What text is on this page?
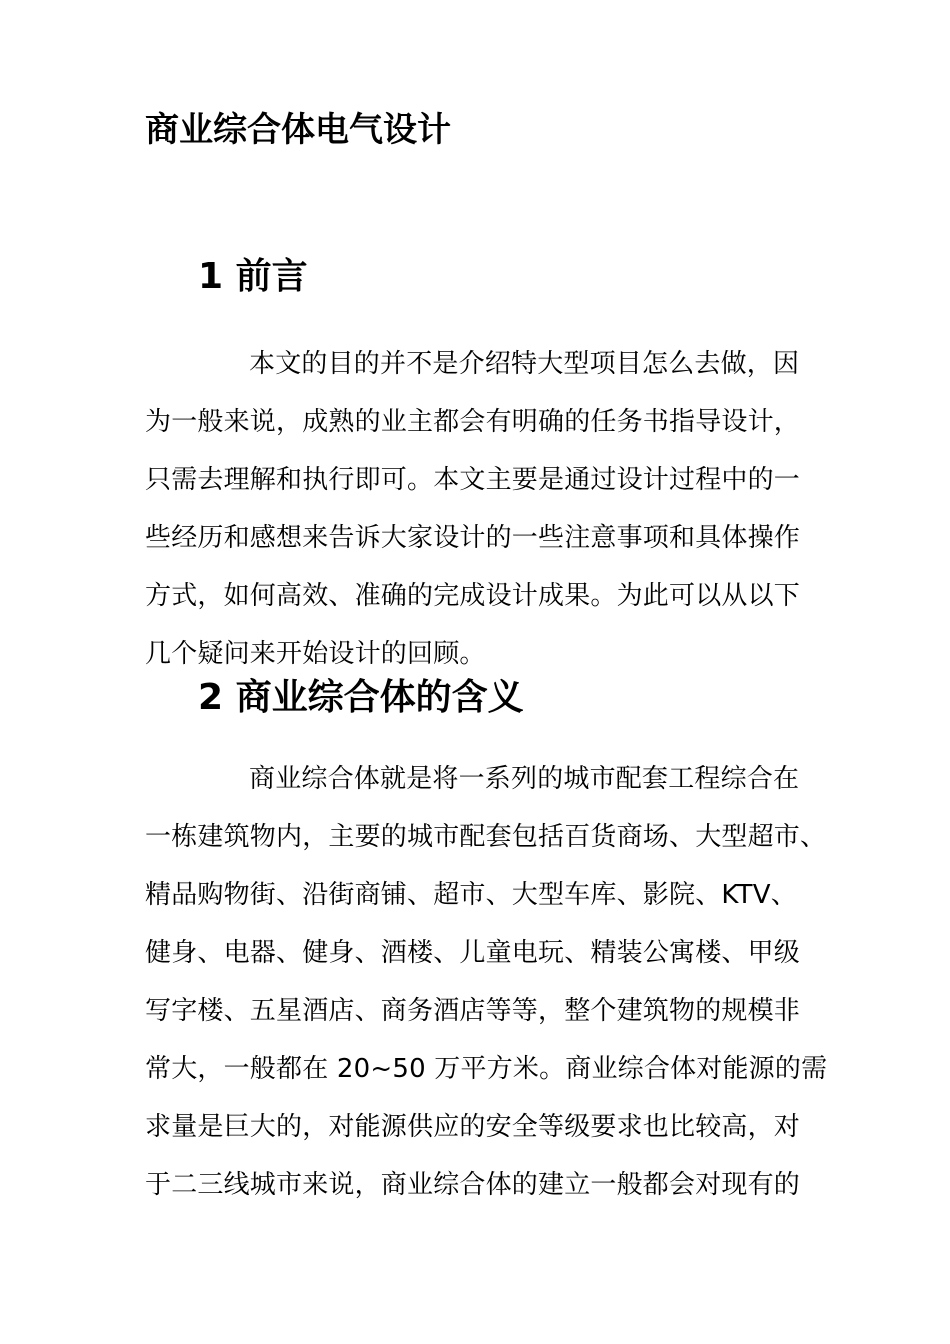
商业综合体电气设计
1 前言
本文的目的并不是介绍特大型项目怎么去做，因
为一般来说，成熟的业主都会有明确的任务书指导设计，
只需去理解和执行即可。本文主要是通过设计过程中的一
些经历和感想来告诉大家设计的一些注意事项和具体操作
方式，如何高效、准确的完成设计成果。为此可以从以下
几个疑问来开始设计的回顾。
2 商业综合体的含义
商业综合体就是将一系列的城市配套工程综合在
一栋建筑物内，主要的城市配套包括百货商场、大型超市、
精品购物街、沿街商铺、超市、大型车库、影院、KTV、
健身、电器、健身、酒楼、儿童电玩、精装公寓楼、甲级
写字楼、五星酒店、商务酒店等等，整个建筑物的规模非
常大，一般都在 20~50 万平方米。商业综合体对能源的需
求量是巨大的，对能源供应的安全等级要求也比较高，对
于二三线城市来说，商业综合体的建立一般都会对现有的
